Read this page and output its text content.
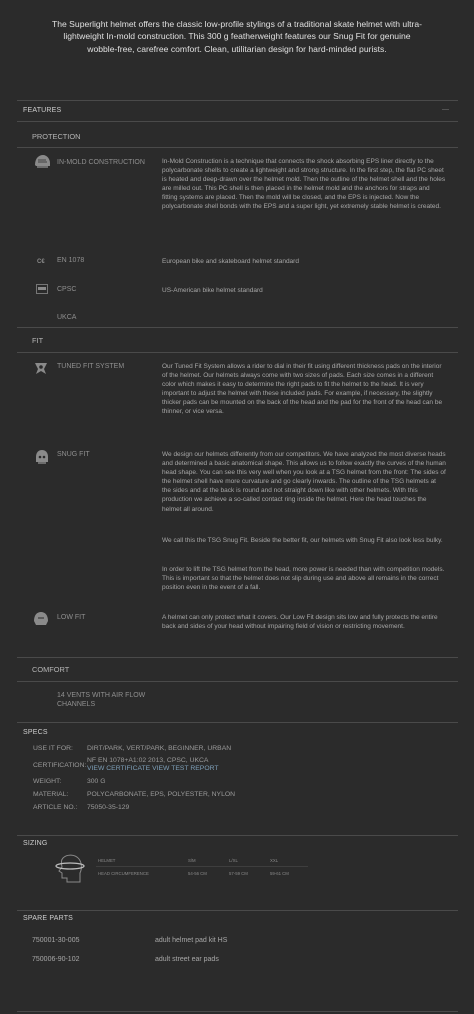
The Superlight helmet offers the classic low-profile stylings of a traditional skate helmet with ultra-lightweight In-mold construction. This 300 g featherweight features our Snug Fit for genuine wobble-free, carefree comfort. Clean, utilitarian design for hard-minded purists.
FEATURES	—
PROTECTION
IN-MOLD CONSTRUCTION	In-Mold Construction is a technique that connects the shock absorbing EPS liner directly to the polycarbonate shells to create a lightweight and strong structure. In the first step, the flat PC sheet is heated and deep-drawn over the helmet mold. Then the outline of the helmet shell and the holes are milled out. This PC shell is then placed in the helmet mold and the anchors for straps and fitting systems are placed. Then the mold will be closed, and the EPS is injected. Now the polycarbonate shell bonds with the EPS and a super light, yet extremely stable helmet is created.
C€ EN 1078	European bike and skateboard helmet standard
CPSC	US-American bike helmet standard
UKCA
FIT
TUNED FIT SYSTEM	Our Tuned Fit System allows a rider to dial in their fit using different thickness pads on the interior of the helmet. Our helmets always come with two sizes of pads. Each size comes in a different color which makes it easy to determine the right pads to fit the helmet to the head. It is very important to adjust the helmet with these included pads. For example, if necessary, the slightly thicker pads can be mounted on the back of the head and the pad for the front of the head can be thinner, or vice versa.
SNUG FIT	We design our helmets differently from our competitors. We have analyzed the most diverse heads and determined a basic anatomical shape. This allows us to follow exactly the curves of the human head shape. You can see this very well when you look at a TSG helmet from the front: The sides of the helmet shell have more curvature and go clearly inwards. The outline of the TSG helmets at the sides and at the back is round and not straight down like with other helmets. With this production we achieve a so-called contact ring inside the helmet. Here the head touches the helmet all around.
We call this the TSG Snug Fit. Beside the better fit, our helmets with Snug Fit also look less bulky.
In order to lift the TSG helmet from the head, more power is needed than with competition models. This is important so that the helmet does not slip during use and above all remains in the correct position even in the event of a fall.
LOW FIT	A helmet can only protect what it covers. Our Low Fit design sits low and fully protects the entire back and sides of your head without impairing field of vision or restricting movement.
COMFORT
14 VENTS WITH AIR FLOW CHANNELS
SPECS
USE IT FOR: DIRT/PARK, VERT/PARK, BEGINNER, URBAN
CERTIFICATION:
NF EN 1078+A1:02 2013, CPSC, UKCA
VIEW CERTIFICATE VIEW TEST REPORT
WEIGHT:	300 G
MATERIAL:	POLYCARBONATE, EPS, POLYESTER, NYLON
ARTICLE NO.: 75050-35-129
SIZING
HELMET	S/M	L/XL	XXL
HEAD CIRCUMFERENCE	54-56 CM	57-59 CM	59-61 CM
SPARE PARTS
750001-30-005	adult helmet pad kit HS
750006-90-102	adult street ear pads
